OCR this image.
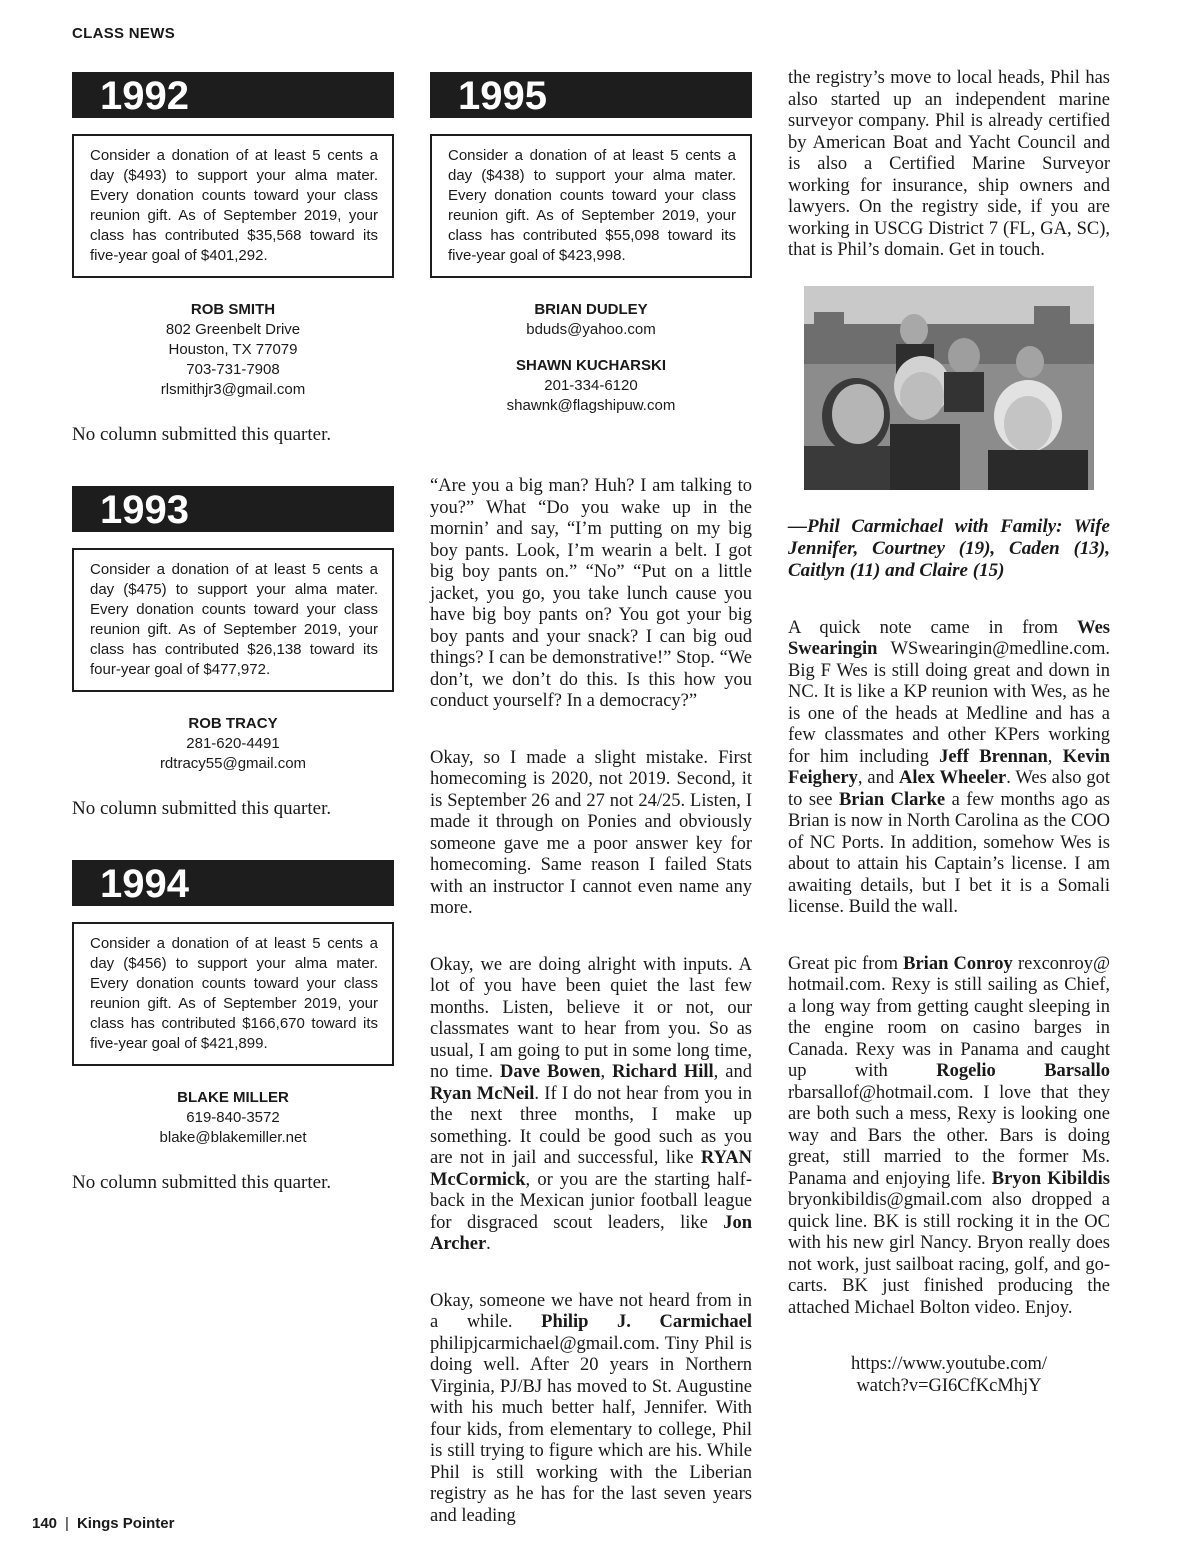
CLASS NEWS
1992
Consider a donation of at least 5 cents a day ($493) to support your alma mater. Every donation counts toward your class reunion gift. As of September 2019, your class has contributed $35,568 toward its five-year goal of $401,292.
ROB SMITH
802 Greenbelt Drive
Houston, TX 77079
703-731-7908
rlsmithjr3@gmail.com
No column submitted this quarter.
1993
Consider a donation of at least 5 cents a day ($475) to support your alma mater. Every donation counts toward your class reunion gift. As of September 2019, your class has contributed $26,138 toward its four-year goal of $477,972.
ROB TRACY
281-620-4491
rdtracy55@gmail.com
No column submitted this quarter.
1994
Consider a donation of at least 5 cents a day ($456) to support your alma mater. Every donation counts toward your class reunion gift. As of September 2019, your class has contributed $166,670 toward its five-year goal of $421,899.
BLAKE MILLER
619-840-3572
blake@blakemiller.net
No column submitted this quarter.
1995
Consider a donation of at least 5 cents a day ($438) to support your alma mater. Every donation counts toward your class reunion gift. As of September 2019, your class has contributed $55,098 toward its five-year goal of $423,998.
BRIAN DUDLEY
bduds@yahoo.com
SHAWN KUCHARSKI
201-334-6120
shawnk@flagshipuw.com

“Are you a big man? Huh? I am talking to you?” What “Do you wake up in the mornin’ and say, “I’m putting on my big boy pants. Look, I’m wearin a belt. I got big boy pants on.” “No” “Put on a little jacket, you go, you take lunch cause you have big boy pants on? You got your big boy pants and your snack? I can big oud things? I can be demonstrative!” Stop. “We don’t, we don’t do this. Is this how you conduct yourself? In a democracy?”

Okay, so I made a slight mistake. First homecoming is 2020, not 2019. Second, it is September 26 and 27 not 24/25. Listen, I made it through on Ponies and obviously someone gave me a poor answer key for homecoming. Same reason I failed Stats with an instructor I cannot even name any more.

Okay, we are doing alright with inputs. A lot of you have been quiet the last few months. Listen, believe it or not, our classmates want to hear from you. So as usual, I am going to put in some long time, no time. Dave Bowen, Richard Hill, and Ryan McNeil. If I do not hear from you in the next three months, I make up something. It could be good such as you are not in jail and successful, like RYAN McCormick, or you are the starting half-back in the Mexican junior football league for disgraced scout leaders, like Jon Archer.

Okay, someone we have not heard from in a while. Philip J. Carmichael philipjcarmichael@gmail.com. Tiny Phil is doing well. After 20 years in Northern Virginia, PJ/BJ has moved to St. Augustine with his much better half, Jennifer. With four kids, from elementary to college, Phil is still trying to figure which are his. While Phil is still working with the Liberian registry as he has for the last seven years and leading

the registry’s move to local heads, Phil has also started up an independent marine surveyor company. Phil is already certified by American Boat and Yacht Council and is also a Certified Marine Surveyor working for insurance, ship owners and lawyers. On the registry side, if you are working in USCG District 7 (FL, GA, SC), that is Phil’s domain. Get in touch.

—Phil Carmichael with Family: Wife Jennifer, Courtney (19), Caden (13), Caitlyn (11) and Claire (15)

A quick note came in from Wes Swearingin WSwearingin@medline.com. Big F Wes is still doing great and down in NC. It is like a KP reunion with Wes, as he is one of the heads at Medline and has a few classmates and other KPers working for him including Jeff Brennan, Kevin Feighery, and Alex Wheeler. Wes also got to see Brian Clarke a few months ago as Brian is now in North Carolina as the COO of NC Ports. In addition, somehow Wes is about to attain his Captain’s license. I am awaiting details, but I bet it is a Somali license. Build the wall.

Great pic from Brian Conroy rexconroy@ hotmail.com. Rexy is still sailing as Chief, a long way from getting caught sleeping in the engine room on casino barges in Canada. Rexy was in Panama and caught up with Rogelio Barsallo rbarsallof@hotmail.com. I love that they are both such a mess, Rexy is looking one way and Bars the other. Bars is doing great, still married to the former Ms. Panama and enjoying life. Bryon Kibildis bryonkibildis@gmail.com also dropped a quick line. BK is still rocking it in the OC with his new girl Nancy. Bryon really does not work, just sailboat racing, golf, and go-carts. BK just finished producing the attached Michael Bolton video. Enjoy.

https://www.youtube.com/
watch?v=GI6CfKcMhjY
140 | Kings Pointer
